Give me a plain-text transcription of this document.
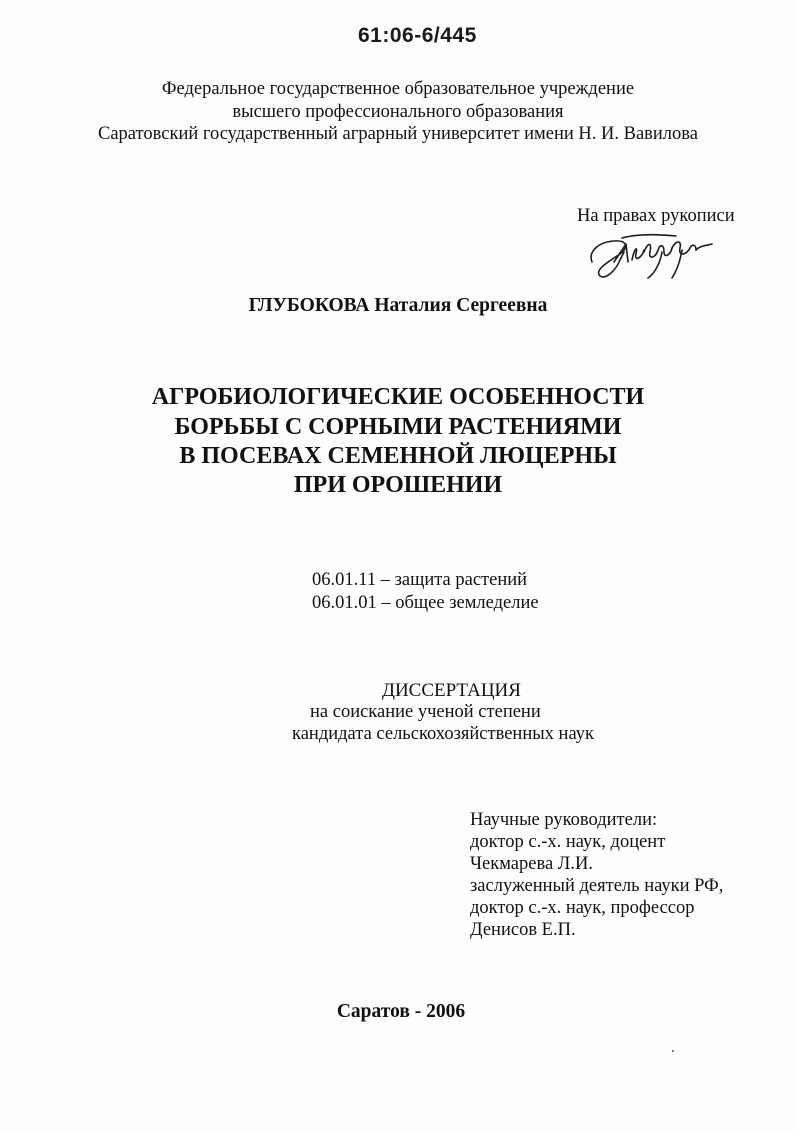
61:06-6/445
Федеральное государственное образовательное учреждение
высшего профессионального образования
Саратовский государственный аграрный университет имени Н. И. Вавилова
На правах рукописи
ГЛУБОКОВА Наталия Сергеевна
АГРОБИОЛОГИЧЕСКИЕ ОСОБЕННОСТИ
БОРЬБЫ С СОРНЫМИ РАСТЕНИЯМИ
В ПОСЕВАХ СЕМЕННОЙ ЛЮЦЕРНЫ
ПРИ ОРОШЕНИИ
06.01.11 – защита растений
06.01.01 – общее земледелие
ДИССЕРТАЦИЯ
на соискание ученой степени
кандидата сельскохозяйственных наук
Научные руководители:
доктор с.-х. наук, доцент
Чекмарева Л.И.
заслуженный деятель науки РФ,
доктор с.-х. наук, профессор
Денисов Е.П.
Саратов - 2006
